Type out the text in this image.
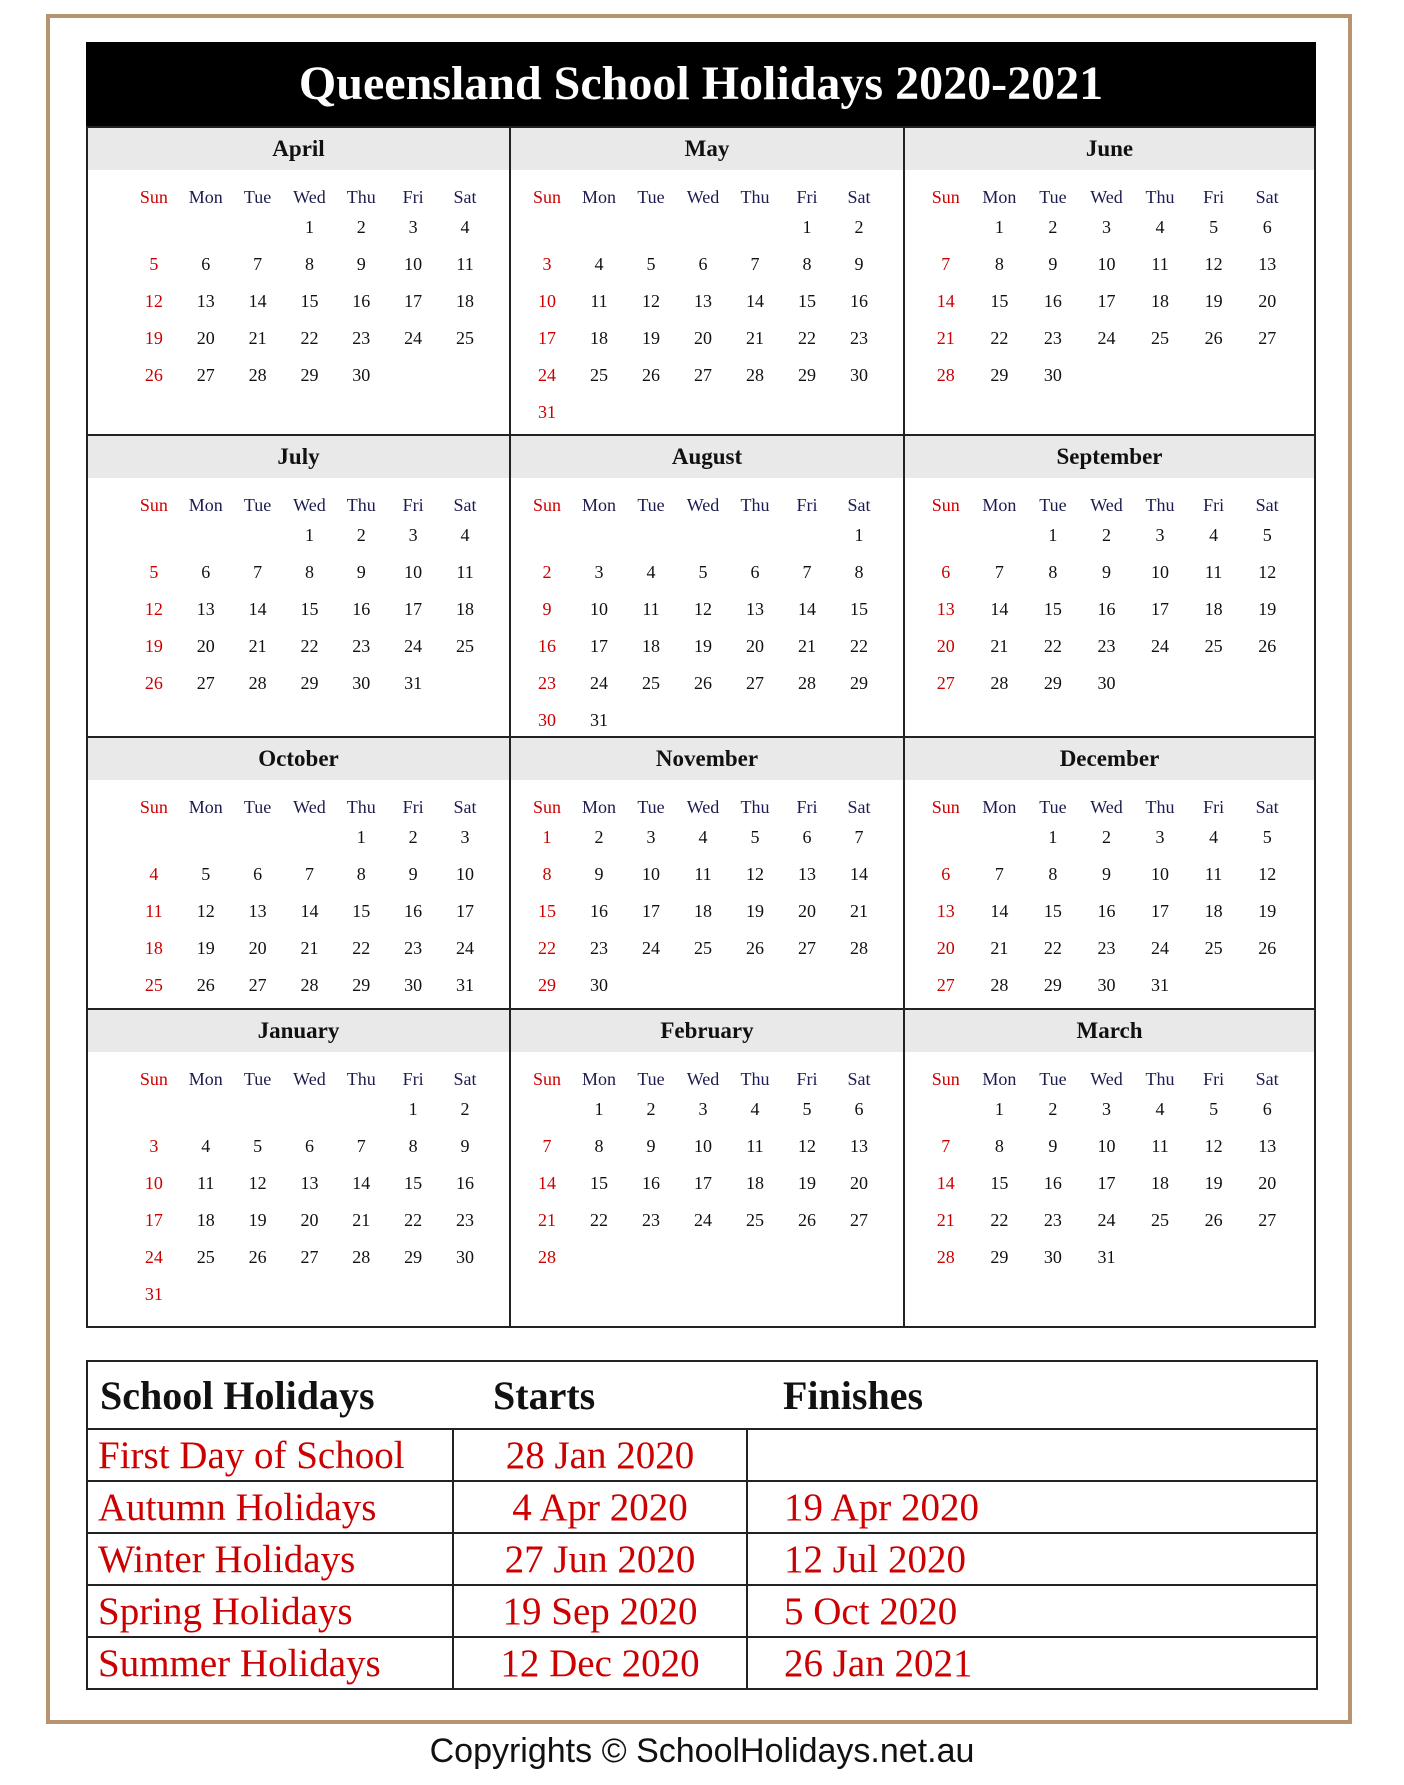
Queensland School Holidays 2020-2021
April
Sun	Mon	Tue	Wed	Thu	Fri	Sat
			1	2	3	4
5	6	7	8	9	10	11
12	13	14	15	16	17	18
19	20	21	22	23	24	25
26	27	28	29	30		
May
Sun	Mon	Tue	Wed	Thu	Fri	Sat
					1	2
3	4	5	6	7	8	9
10	11	12	13	14	15	16
17	18	19	20	21	22	23
24	25	26	27	28	29	30
31						
June
Sun	Mon	Tue	Wed	Thu	Fri	Sat
	1	2	3	4	5	6
7	8	9	10	11	12	13
14	15	16	17	18	19	20
21	22	23	24	25	26	27
28	29	30				
July
Sun	Mon	Tue	Wed	Thu	Fri	Sat
			1	2	3	4
5	6	7	8	9	10	11
12	13	14	15	16	17	18
19	20	21	22	23	24	25
26	27	28	29	30	31	
August
Sun	Mon	Tue	Wed	Thu	Fri	Sat
						1
2	3	4	5	6	7	8
9	10	11	12	13	14	15
16	17	18	19	20	21	22
23	24	25	26	27	28	29
30	31					
September
Sun	Mon	Tue	Wed	Thu	Fri	Sat
		1	2	3	4	5
6	7	8	9	10	11	12
13	14	15	16	17	18	19
20	21	22	23	24	25	26
27	28	29	30			
October
Sun	Mon	Tue	Wed	Thu	Fri	Sat
				1	2	3
4	5	6	7	8	9	10
11	12	13	14	15	16	17
18	19	20	21	22	23	24
25	26	27	28	29	30	31
November
Sun	Mon	Tue	Wed	Thu	Fri	Sat
1	2	3	4	5	6	7
8	9	10	11	12	13	14
15	16	17	18	19	20	21
22	23	24	25	26	27	28
29	30					
December
Sun	Mon	Tue	Wed	Thu	Fri	Sat
		1	2	3	4	5
6	7	8	9	10	11	12
13	14	15	16	17	18	19
20	21	22	23	24	25	26
27	28	29	30	31		
January
Sun	Mon	Tue	Wed	Thu	Fri	Sat
					1	2
3	4	5	6	7	8	9
10	11	12	13	14	15	16
17	18	19	20	21	22	23
24	25	26	27	28	29	30
31						
February
Sun	Mon	Tue	Wed	Thu	Fri	Sat
	1	2	3	4	5	6
7	8	9	10	11	12	13
14	15	16	17	18	19	20
21	22	23	24	25	26	27
28						
March
Sun	Mon	Tue	Wed	Thu	Fri	Sat
	1	2	3	4	5	6
7	8	9	10	11	12	13
14	15	16	17	18	19	20
21	22	23	24	25	26	27
28	29	30	31			
School Holidays	Starts	Finishes
First Day of School	28 Jan 2020	
Autumn Holidays	4 Apr 2020	19 Apr 2020
Winter Holidays	27 Jun 2020	12 Jul 2020
Spring Holidays	19 Sep 2020	5 Oct 2020
Summer Holidays	12 Dec 2020	26 Jan 2021
Copyrights © SchoolHolidays.net.au
